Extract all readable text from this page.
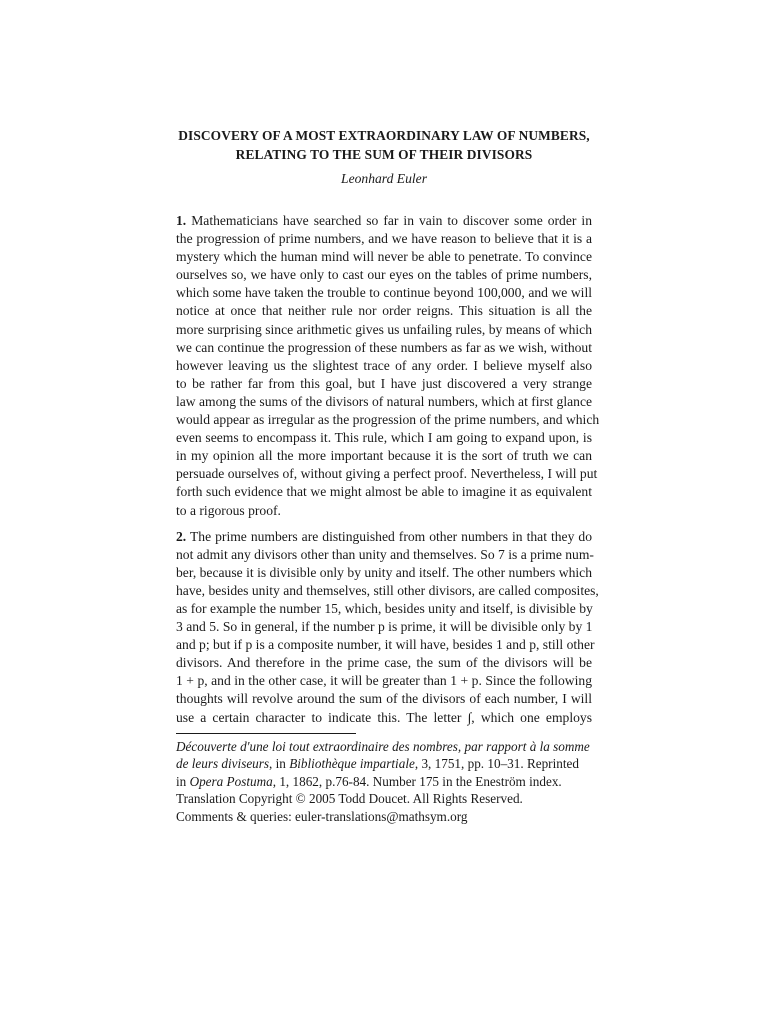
DISCOVERY OF A MOST EXTRAORDINARY LAW OF NUMBERS,
RELATING TO THE SUM OF THEIR DIVISORS

Leonhard Euler

1. Mathematicians have searched so far in vain to discover some order in
the progression of prime numbers, and we have reason to believe that it is a
mystery which the human mind will never be able to penetrate. To convince
ourselves so, we have only to cast our eyes on the tables of prime numbers,
which some have taken the trouble to continue beyond 100,000, and we will
notice at once that neither rule nor order reigns. This situation is all the
more surprising since arithmetic gives us unfailing rules, by means of which
we can continue the progression of these numbers as far as we wish, without
however leaving us the slightest trace of any order. I believe myself also
to be rather far from this goal, but I have just discovered a very strange
law among the sums of the divisors of natural numbers, which at first glance
would appear as irregular as the progression of the prime numbers, and which
even seems to encompass it. This rule, which I am going to expand upon, is
in my opinion all the more important because it is the sort of truth we can
persuade ourselves of, without giving a perfect proof. Nevertheless, I will put
forth such evidence that we might almost be able to imagine it as equivalent
to a rigorous proof.
2. The prime numbers are distinguished from other numbers in that they do
not admit any divisors other than unity and themselves. So 7 is a prime num-
ber, because it is divisible only by unity and itself. The other numbers which
have, besides unity and themselves, still other divisors, are called composites,
as for example the number 15, which, besides unity and itself, is divisible by
3 and 5. So in general, if the number p is prime, it will be divisible only by 1
and p; but if p is a composite number, it will have, besides 1 and p, still other
divisors. And therefore in the prime case, the sum of the divisors will be
1 + p, and in the other case, it will be greater than 1 + p. Since the following
thoughts will revolve around the sum of the divisors of each number, I will
use a certain character to indicate this. The letter ∫, which one employs
Découverte d'une loi tout extraordinaire des nombres, par rapport à la somme
de leurs diviseurs, in Bibliothèque impartiale, 3, 1751, pp. 10–31. Reprinted
in Opera Postuma, 1, 1862, p.76-84. Number 175 in the Eneström index.
Translation Copyright © 2005 Todd Doucet. All Rights Reserved.
Comments & queries: euler-translations@mathsym.org
